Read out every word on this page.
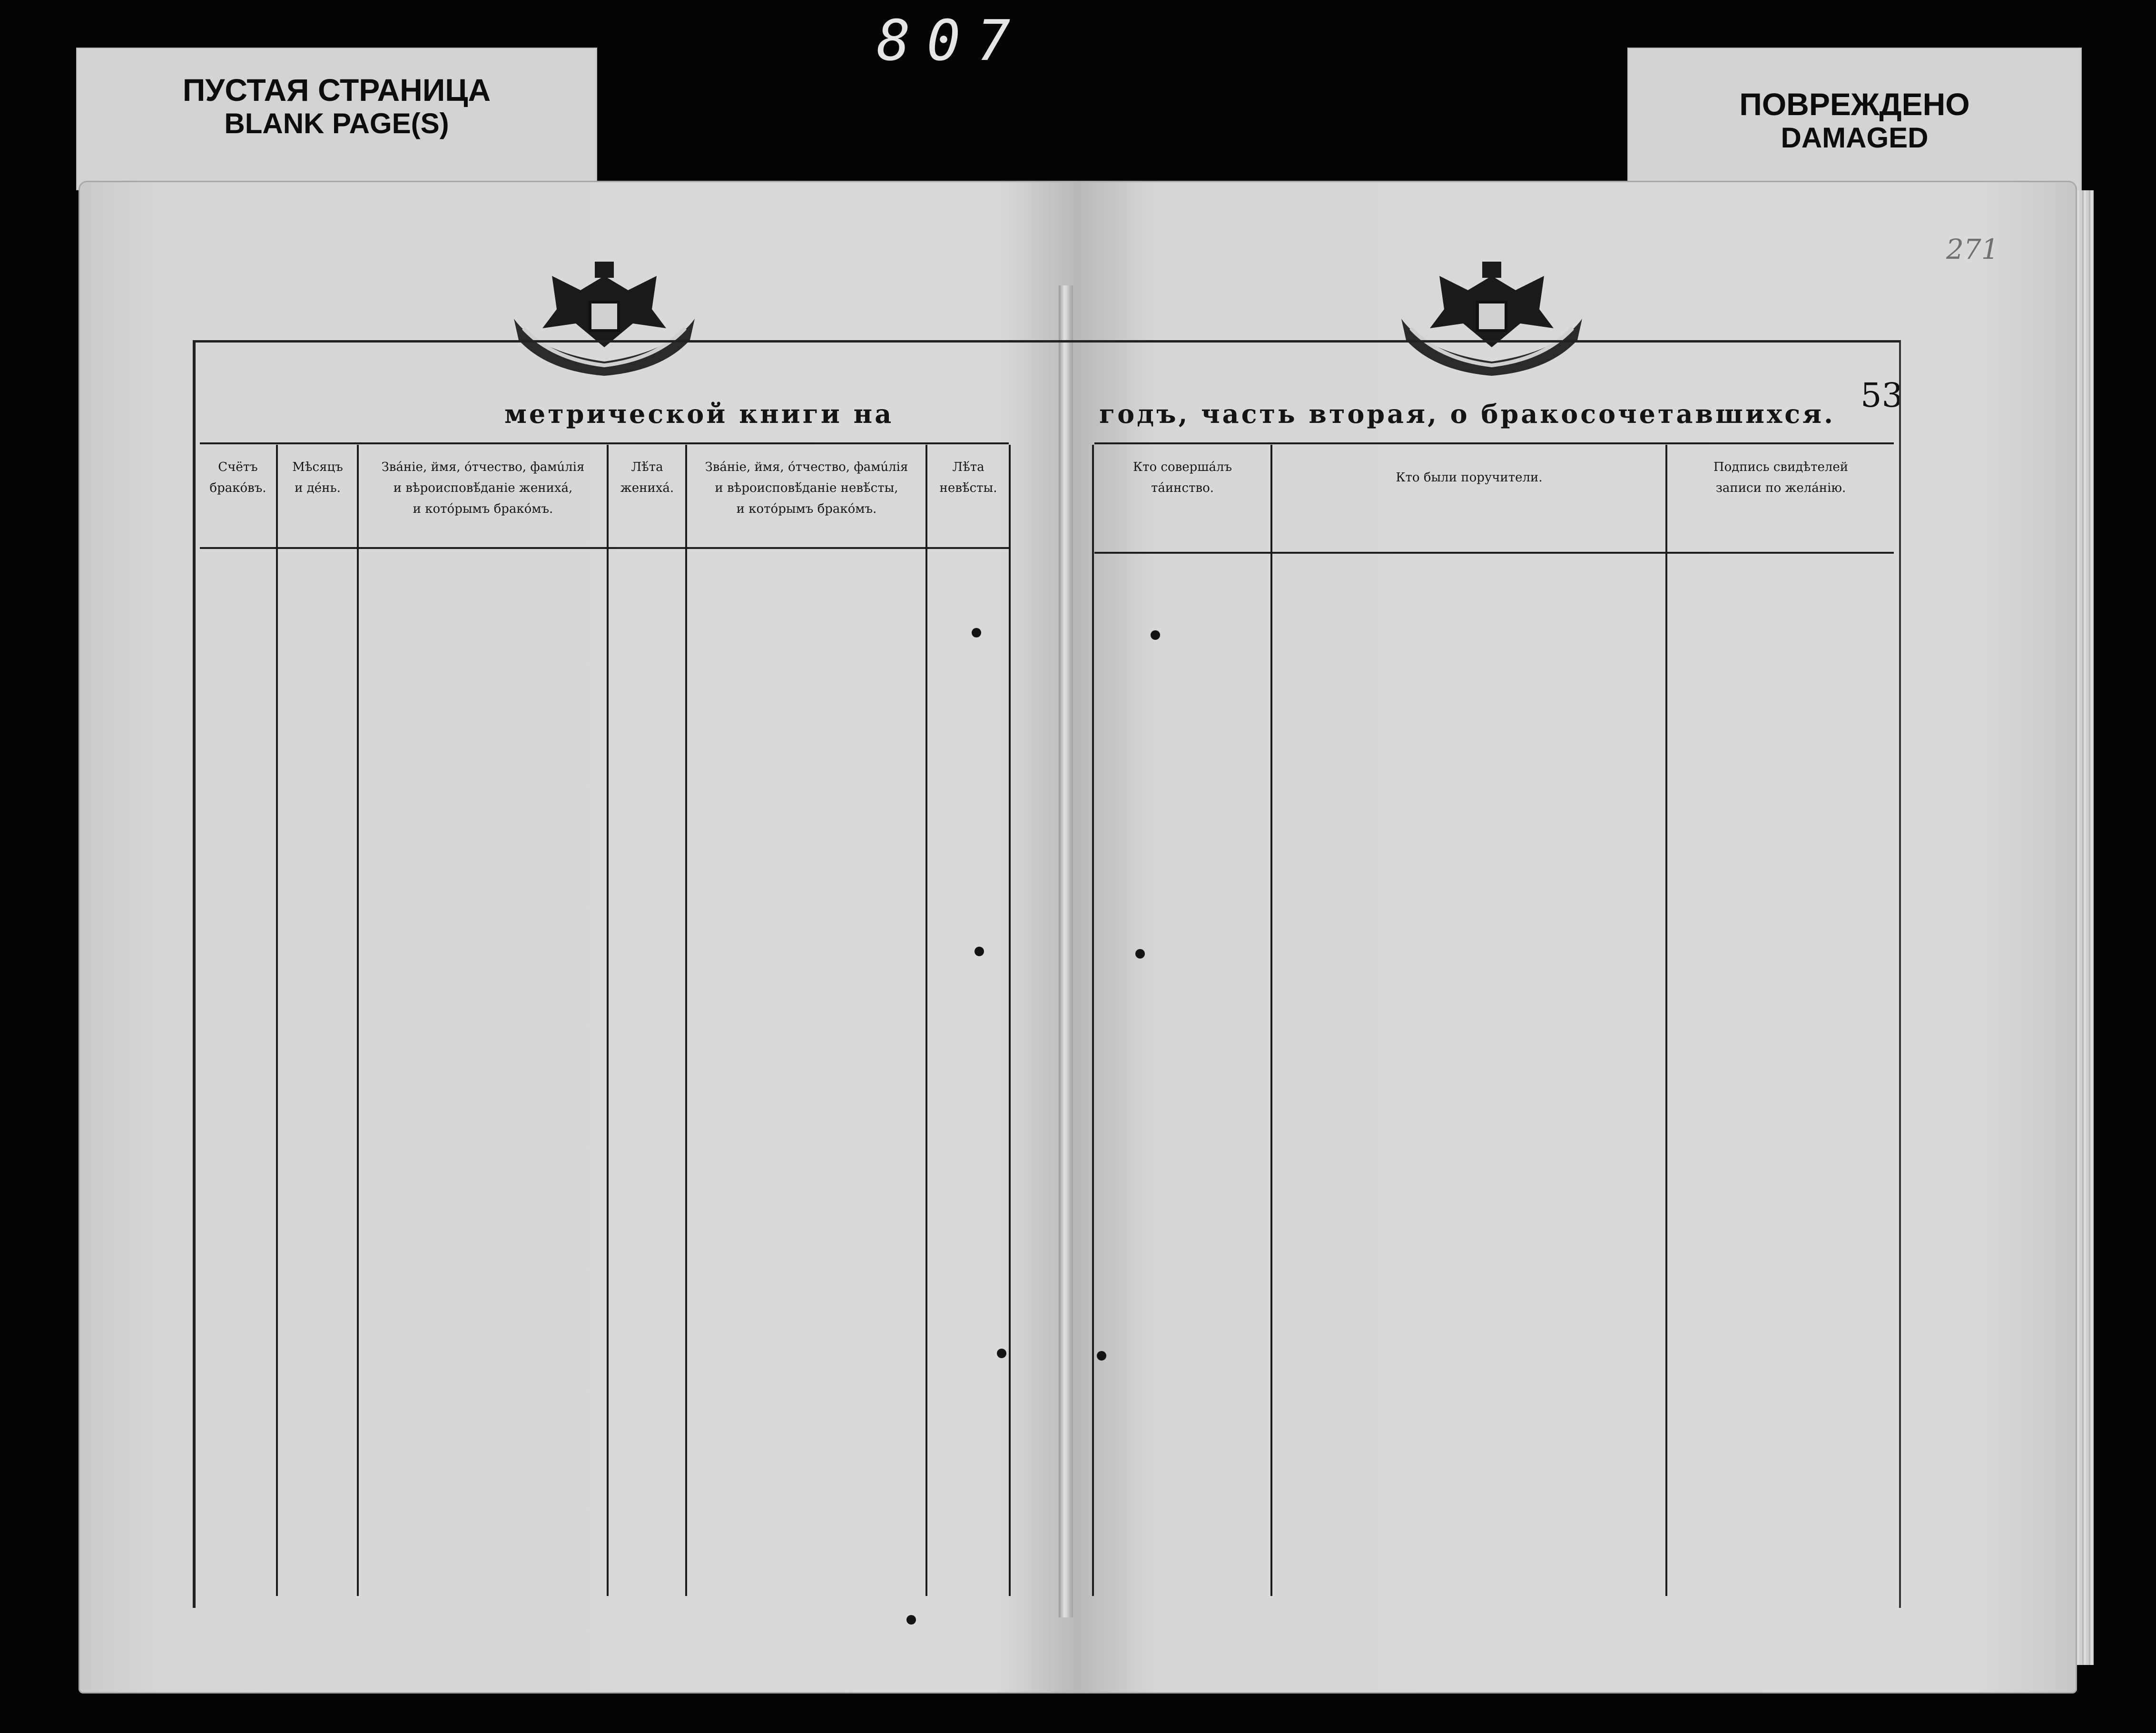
807
ПУСТАЯ СТРАНИЦА
BLANK PAGE(S)
ПОВРЕЖДЕНО
DAMAGED
271
53
метрической книги на	годъ, часть вторая, о бракосочетавшихся.
Счётъ
бракóвъ.
Мѣсяцъ
и дéнь.
Звáніе, ймя, óтчество, фамúлія
и вѣроисповѣ́даніе жениха́,
и котóрымъ бракóмъ.
Лѣ́та
жениха́.
Звáніе, ймя, óтчество, фамúлія
и вѣроисповѣ́даніе невѣ́сты,
и котóрымъ бракóмъ.
Лѣ́та
невѣ́сты.
Кто совершáлъ
тáинство.
Кто были поручители.
Подпись свидѣтелей
записи по желáнію.
